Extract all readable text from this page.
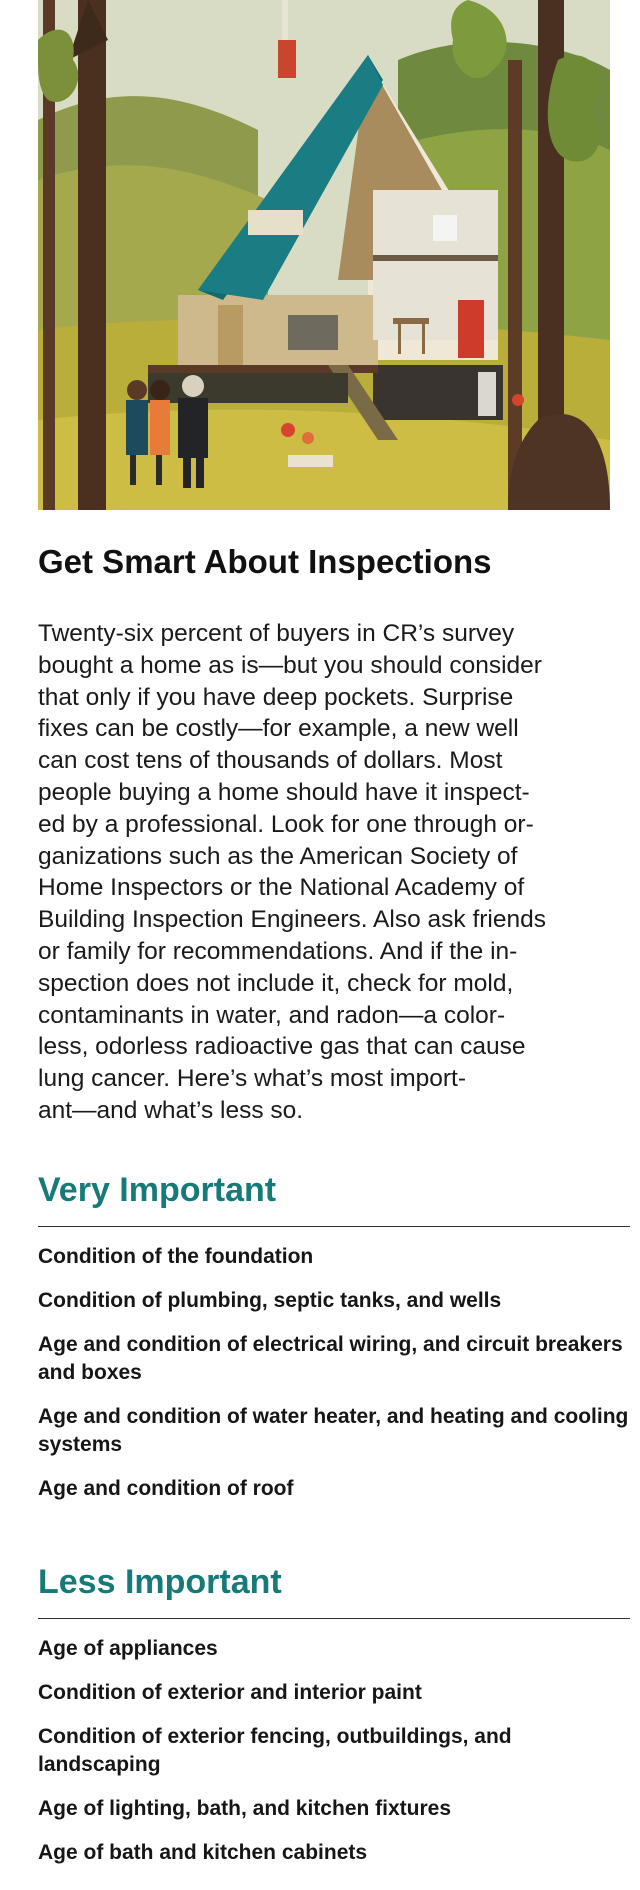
Get Smart About Inspections

Twenty-six percent of buyers in CR’s survey
bought a home as is—but you should consider
that only if you have deep pockets. Surprise
fixes can be costly—for example, a new well
can cost tens of thousands of dollars. Most
people buying a home should have it inspect-
ed by a professional. Look for one through or-
ganizations such as the American Society of
Home Inspectors or the National Academy of
Building Inspection Engineers. Also ask friends
or family for recommendations. And if the in-
spection does not include it, check for mold,
contaminants in water, and radon—a color-
less, odorless radioactive gas that can cause
lung cancer. Here’s what’s most import-
ant—and what’s less so.

Very Important
Condition of the foundation
Condition of plumbing, septic tanks, and wells
Age and condition of electrical wiring, and circuit breakers and boxes
Age and condition of water heater, and heating and cooling systems
Age and condition of roof
Less Important
Age of appliances
Condition of exterior and interior paint
Condition of exterior fencing, outbuildings, and landscaping
Age of lighting, bath, and kitchen fixtures
Age of bath and kitchen cabinets
